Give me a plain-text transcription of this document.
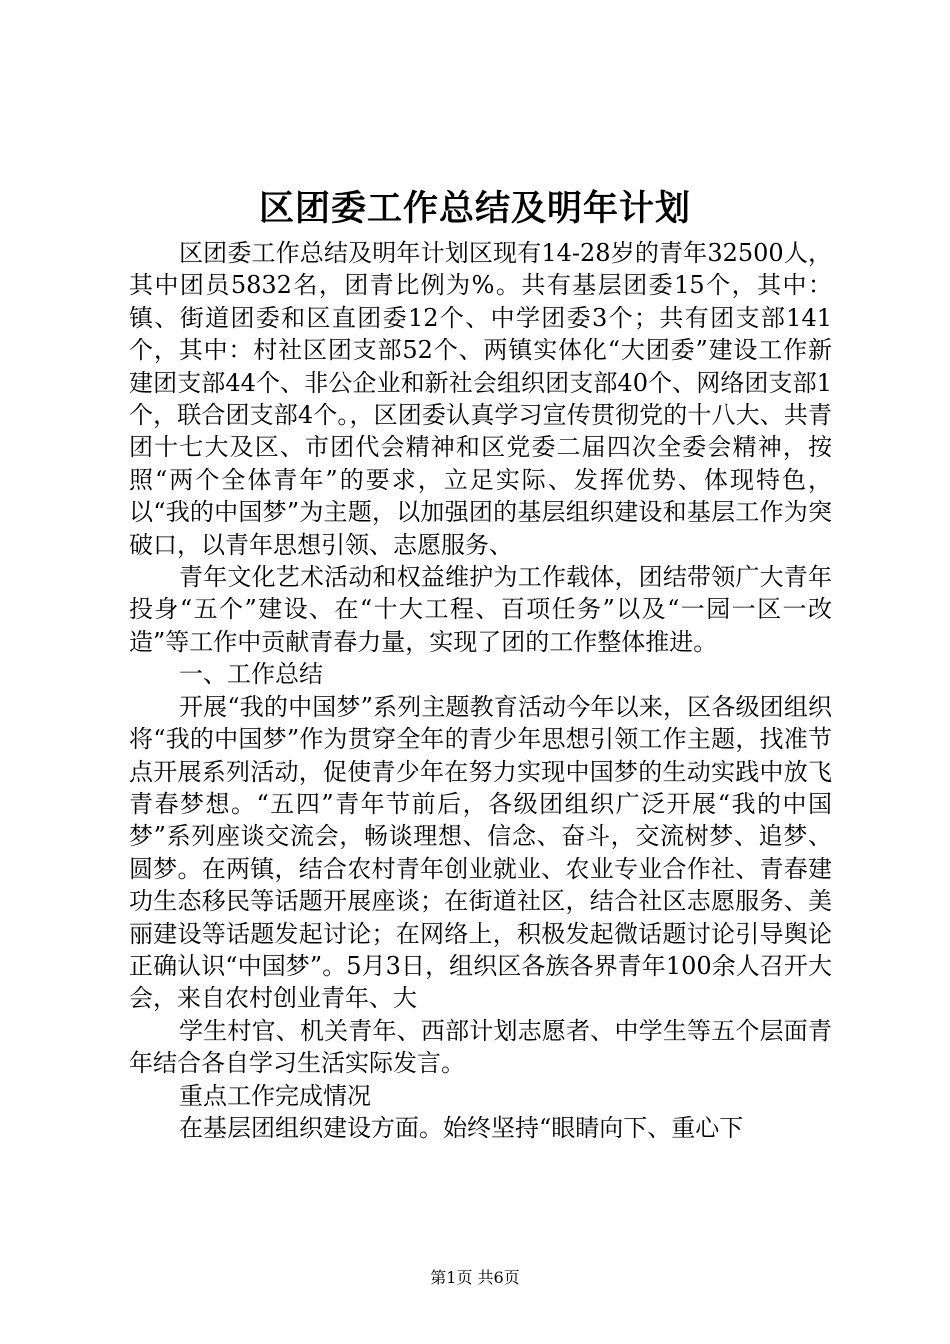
区团委工作总结及明年计划

区团委工作总结及明年计划区现有14-28岁的青年32500人，其中团员5832名，团青比例为%。共有基层团委15个，其中：镇、街道团委和区直团委12个、中学团委3个；共有团支部141个，其中：村社区团支部52个、两镇实体化“大团委”建设工作新建团支部44个、非公企业和新社会组织团支部40个、网络团支部1个，联合团支部4个。，区团委认真学习宣传贯彻党的十八大、共青团十七大及区、市团代会精神和区党委二届四次全委会精神，按照“两个全体青年”的要求，立足实际、发挥优势、体现特色，以“我的中国梦”为主题，以加强团的基层组织建设和基层工作为突破口，以青年思想引领、志愿服务、

青年文化艺术活动和权益维护为工作载体，团结带领广大青年投身“五个”建设、在“十大工程、百项任务”以及“一园一区一改造”等工作中贡献青春力量，实现了团的工作整体推进。

一、工作总结

开展“我的中国梦”系列主题教育活动今年以来，区各级团组织将“我的中国梦”作为贯穿全年的青少年思想引领工作主题，找准节点开展系列活动，促使青少年在努力实现中国梦的生动实践中放飞青春梦想。“五四”青年节前后，各级团组织广泛开展“我的中国梦”系列座谈交流会，畅谈理想、信念、奋斗，交流树梦、追梦、圆梦。在两镇，结合农村青年创业就业、农业专业合作社、青春建功生态移民等话题开展座谈；在街道社区，结合社区志愿服务、美丽建设等话题发起讨论；在网络上，积极发起微话题讨论引导舆论正确认识“中国梦”。5月3日，组织区各族各界青年100余人召开大会，来自农村创业青年、大

学生村官、机关青年、西部计划志愿者、中学生等五个层面青年结合各自学习生活实际发言。

重点工作完成情况

在基层团组织建设方面。始终坚持“眼睛向下、重心下

第1页 共6页
